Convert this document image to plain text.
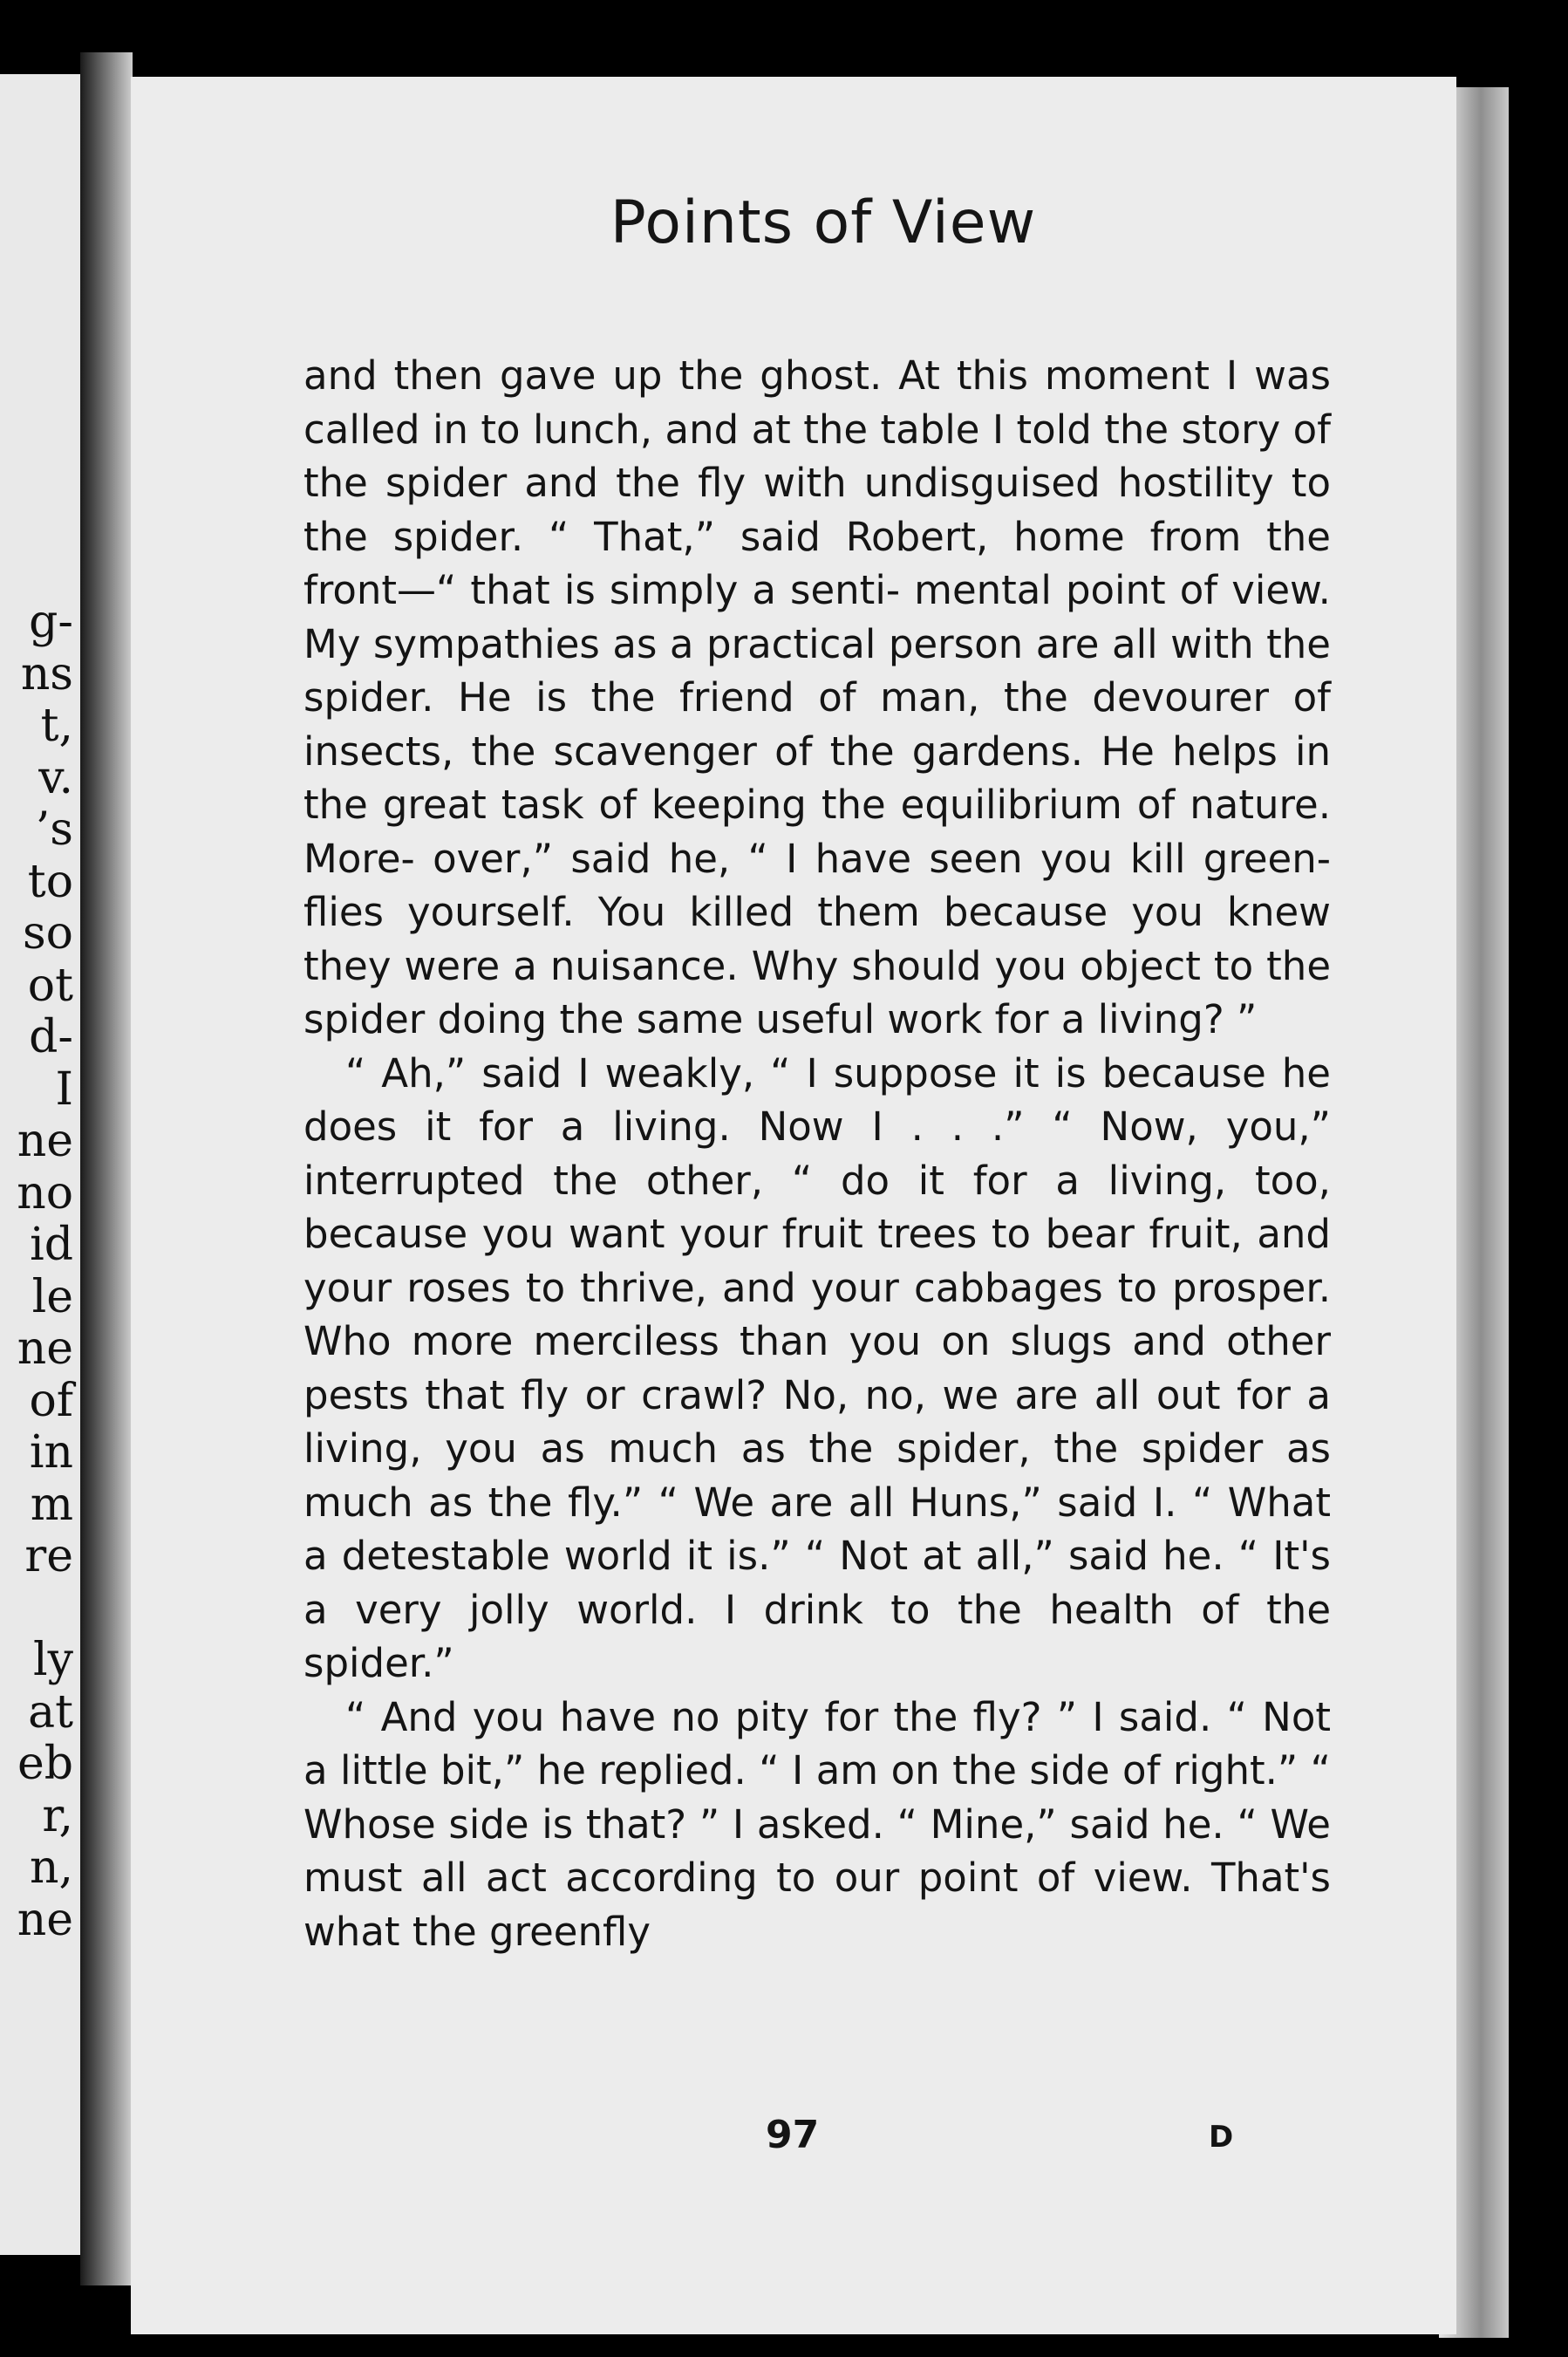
g-
ns
t,
v.
’s
to
so
ot
d-
I
ne
no
id
le
ne
of
in
m
re
ly
at
eb
r,
n,
ne
Points of View

and then gave up the ghost. At this moment I was called in to lunch, and at the table I told the story of the spider and the fly with undisguised hostility to the spider. “ That,” said Robert, home from the front—“ that is simply a senti- mental point of view. My sympathies as a practical person are all with the spider. He is the friend of man, the devourer of insects, the scavenger of the gardens. He helps in the great task of keeping the equilibrium of nature. More- over,” said he, “ I have seen you kill green- flies yourself. You killed them because you knew they were a nuisance. Why should you object to the spider doing the same useful work for a living? ”

“ Ah,” said I weakly, “ I suppose it is because he does it for a living. Now I . . .” “ Now, you,” interrupted the other, “ do it for a living, too, because you want your fruit trees to bear fruit, and your roses to thrive, and your cabbages to prosper. Who more merciless than you on slugs and other pests that fly or crawl? No, no, we are all out for a living, you as much as the spider, the spider as much as the fly.” “ We are all Huns,” said I. “ What a detestable world it is.” “ Not at all,” said he. “ It's a very jolly world. I drink to the health of the spider.”

“ And you have no pity for the fly? ” I said. “ Not a little bit,” he replied. “ I am on the side of right.” “ Whose side is that? ” I asked. “ Mine,” said he. “ We must all act according to our point of view. That's what the greenfly

97	D
